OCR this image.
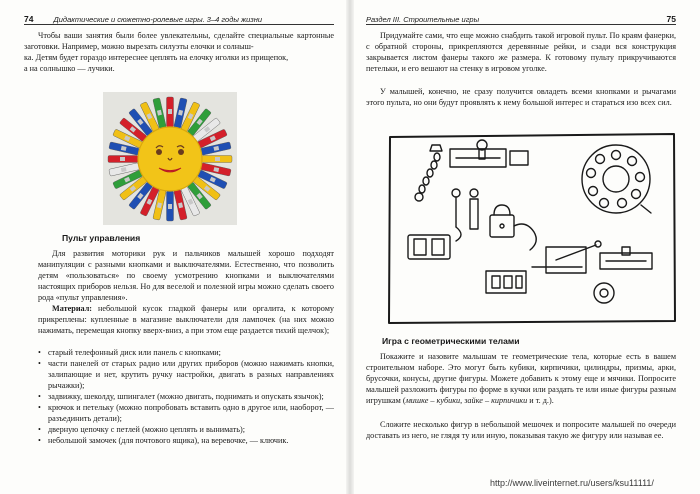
74	Дидактические и сюжетно-ролевые игры. 3–4 годы жизни
Чтобы ваши занятия были более увлекательны, сделайте специальные картонные заготовки. Например, можно вырезать силуэты елочки и солныш-
ка. Детям будет гораздо интереснее цеплять на елочку иголки из прищепок,
а на солнышко — лучики.
Пульт управления
Для развития моторики рук и пальчиков малышей хорошо подходят манипуляции с разными кнопками и выключателями. Естественно, что позволить детям «пользоваться» по своему усмотрению кнопками и выключателями настоящих приборов нельзя. Но для веселой и полезной игры можно сделать своего рода «пульт управления».
Материал: небольшой кусок гладкой фанеры или оргалита, к которому прикреплены: купленные в магазине выключатели для лампочек (на них можно нажимать, перемещая кнопку вверх-вниз, а при этом еще раздается тихий щелчок);
• старый телефонный диск или панель с кнопками;
• части панелей от старых радио или других приборов (можно нажимать кнопки, залипающие и нет, крутить ручку настройки, двигать в разных направлениях рычажки);
• задвижку, шеколду, шпингалет (можно двигать, поднимать и опускать язычок);
• крючок и петельку (можно попробовать вставить одно в другое или, наоборот, — разъединить детали);
• дверную цепочку с петлей (можно цеплять и вынимать);
• небольшой замочек (для почтового ящика), на веревочке, — ключик.
Раздел III. Строительные игры	75
Придумайте сами, что еще можно снабдить такой игровой пульт. По краям фанерки, с обратной стороны, прикрепляются деревянные рейки, и сзади вся конструкция закрывается листом фанеры такого же размера. К готовому пульту прикручиваются петельки, и его вешают на стенку в игровом уголке.
У малышей, конечно, не сразу получится овладеть всеми кнопками и рычагами этого пульта, но они будут проявлять к нему большой интерес и стараться изо всех сил.
Игра с геометрическими телами
Покажите и назовите малышам те геометрические тела, которые есть в вашем строительном наборе. Это могут быть кубики, кирпичики, цилиндры, призмы, арки, брусочки, конусы, другие фигуры. Можете добавить к этому еще и мячики. Попросите малышей разложить фигуры по форме в кучки или раздать те или иные фигуры разным игрушкам (мишке – кубики, зайке – кирпичики и т. д.).
Сложите несколько фигур в небольшой мешочек и попросите малышей по очереди доставать из него, не глядя ту или иную, показывая такую же фигуру или называя ее.
http://www.liveinternet.ru/users/ksu11111/
